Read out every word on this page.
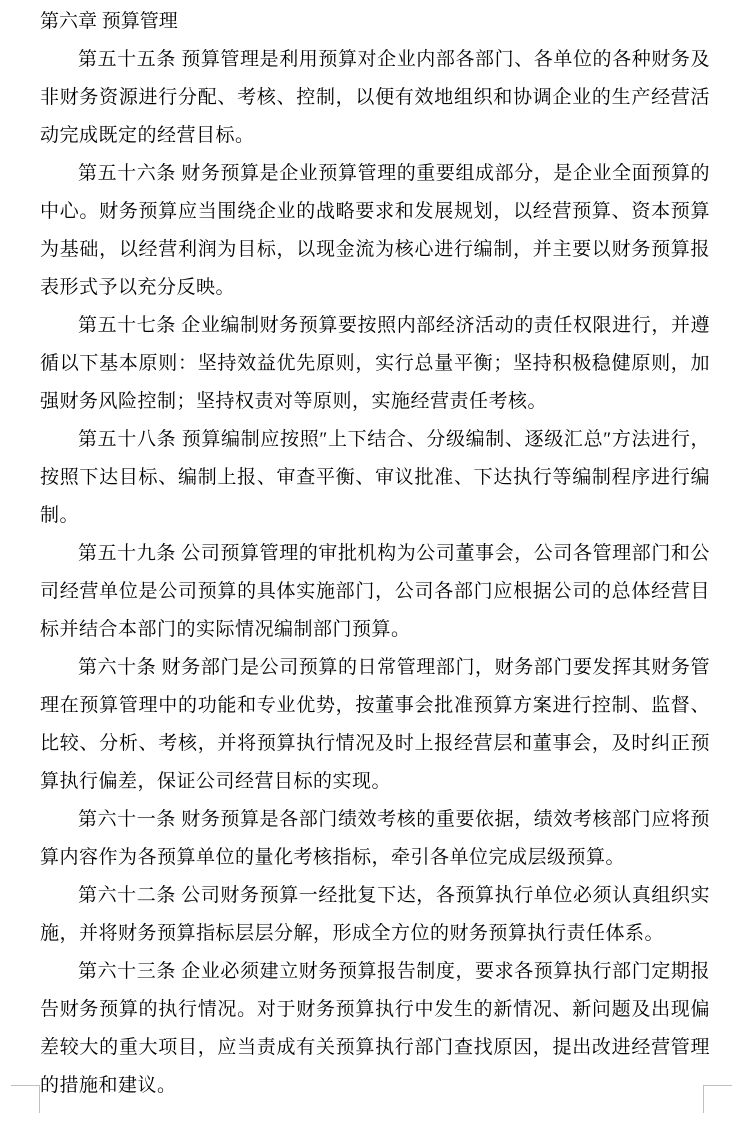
第六章 预算管理

第五十五条 预算管理是利用预算对企业内部各部门、各单位的各种财务及非财务资源进行分配、考核、控制，以便有效地组织和协调企业的生产经营活动完成既定的经营目标。

第五十六条 财务预算是企业预算管理的重要组成部分，是企业全面预算的中心。财务预算应当围绕企业的战略要求和发展规划，以经营预算、资本预算为基础，以经营利润为目标，以现金流为核心进行编制，并主要以财务预算报表形式予以充分反映。

第五十七条 企业编制财务预算要按照内部经济活动的责任权限进行，并遵循以下基本原则：坚持效益优先原则，实行总量平衡；坚持积极稳健原则，加强财务风险控制；坚持权责对等原则，实施经营责任考核。

第五十八条 预算编制应按照″上下结合、分级编制、逐级汇总″方法进行，按照下达目标、编制上报、审查平衡、审议批准、下达执行等编制程序进行编制。

第五十九条 公司预算管理的审批机构为公司董事会，公司各管理部门和公司经营单位是公司预算的具体实施部门，公司各部门应根据公司的总体经营目标并结合本部门的实际情况编制部门预算。

第六十条 财务部门是公司预算的日常管理部门，财务部门要发挥其财务管理在预算管理中的功能和专业优势，按董事会批准预算方案进行控制、监督、比较、分析、考核，并将预算执行情况及时上报经营层和董事会，及时纠正预算执行偏差，保证公司经营目标的实现。

第六十一条 财务预算是各部门绩效考核的重要依据，绩效考核部门应将预算内容作为各预算单位的量化考核指标，牵引各单位完成层级预算。

第六十二条 公司财务预算一经批复下达，各预算执行单位必须认真组织实施，并将财务预算指标层层分解，形成全方位的财务预算执行责任体系。

第六十三条 企业必须建立财务预算报告制度，要求各预算执行部门定期报告财务预算的执行情况。对于财务预算执行中发生的新情况、新问题及出现偏差较大的重大项目，应当责成有关预算执行部门查找原因，提出改进经营管理的措施和建议。
